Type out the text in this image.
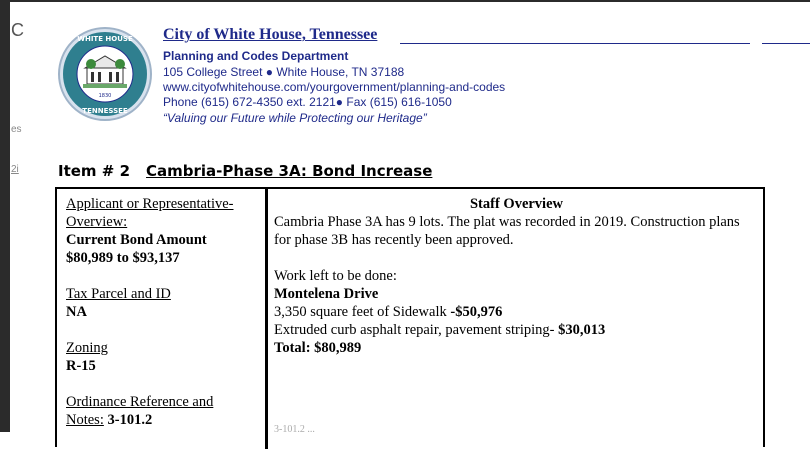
C
es
2i
WHITE HOUSE
TENNESSEE
1830
City of White House, Tennessee
Planning and Codes Department
105 College Street ● White House, TN 37188
www.cityofwhitehouse.com/yourgovernment/planning-and-codes
Phone (615) 672-4350 ext. 2121● Fax (615) 616-1050
“Valuing our Future while Protecting our Heritage”
Item # 2 Cambria-Phase 3A: Bond Increase
Applicant or Representative-
Overview:
Current Bond Amount
$80,989 to $93,137
Tax Parcel and ID
NA
Zoning
R-15
Ordinance Reference and
Notes: 3-101.2
Staff Overview
Cambria Phase 3A has 9 lots. The plat was recorded in 2019. Construction plans for phase 3B has recently been approved.
Work left to be done:
Montelena Drive
3,350 square feet of Sidewalk -$50,976
Extruded curb asphalt repair, pavement striping- $30,013
Total: $80,989
3-101.2 ...
